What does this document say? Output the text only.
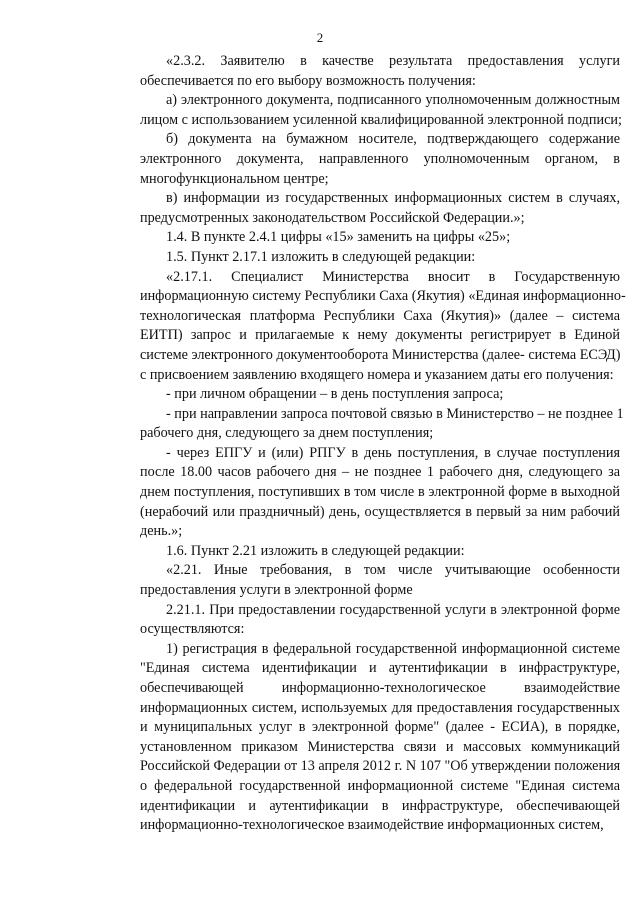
2
«2.3.2. Заявителю в качестве результата предоставления услуги
обеспечивается по его выбору возможность получения:
а) электронного документа, подписанного уполномоченным должностным
лицом с использованием усиленной квалифицированной электронной подписи;
б) документа на бумажном носителе, подтверждающего содержание
электронного документа, направленного уполномоченным органом, в
многофункциональном центре;
в) информации из государственных информационных систем в случаях,
предусмотренных законодательством Российской Федерации.»;
1.4. В пункте 2.4.1 цифры «15» заменить на цифры «25»;
1.5. Пункт 2.17.1 изложить в следующей редакции:
«2.17.1. Специалист Министерства вносит в Государственную
информационную систему Республики Саха (Якутия) «Единая информационно-
технологическая платформа Республики Саха (Якутия)» (далее – система
ЕИТП) запрос и прилагаемые к нему документы регистрирует в Единой
системе электронного документооборота Министерства (далее- система ЕСЭД)
с присвоением заявлению входящего номера и указанием даты его получения:
- при личном обращении – в день поступления запроса;
- при направлении запроса почтовой связью в Министерство – не позднее 1
рабочего дня, следующего за днем поступления;
- через ЕПГУ и (или) РПГУ в день поступления, в случае поступления
после 18.00 часов рабочего дня – не позднее 1 рабочего дня, следующего за
днем поступления, поступивших в том числе в электронной форме в выходной
(нерабочий или праздничный) день, осуществляется в первый за ним рабочий
день.»;
1.6. Пункт 2.21 изложить в следующей редакции:
«2.21. Иные требования, в том числе учитывающие особенности
предоставления услуги в электронной форме
2.21.1. При предоставлении государственной услуги в электронной форме
осуществляются:
1) регистрация в федеральной государственной информационной системе
"Единая система идентификации и аутентификации в инфраструктуре,
обеспечивающей информационно-технологическое взаимодействие
информационных систем, используемых для предоставления государственных
и муниципальных услуг в электронной форме" (далее - ЕСИА), в порядке,
установленном приказом Министерства связи и массовых коммуникаций
Российской Федерации от 13 апреля 2012 г. N 107 "Об утверждении положения
о федеральной государственной информационной системе "Единая система
идентификации и аутентификации в инфраструктуре, обеспечивающей
информационно-технологическое взаимодействие информационных систем,
